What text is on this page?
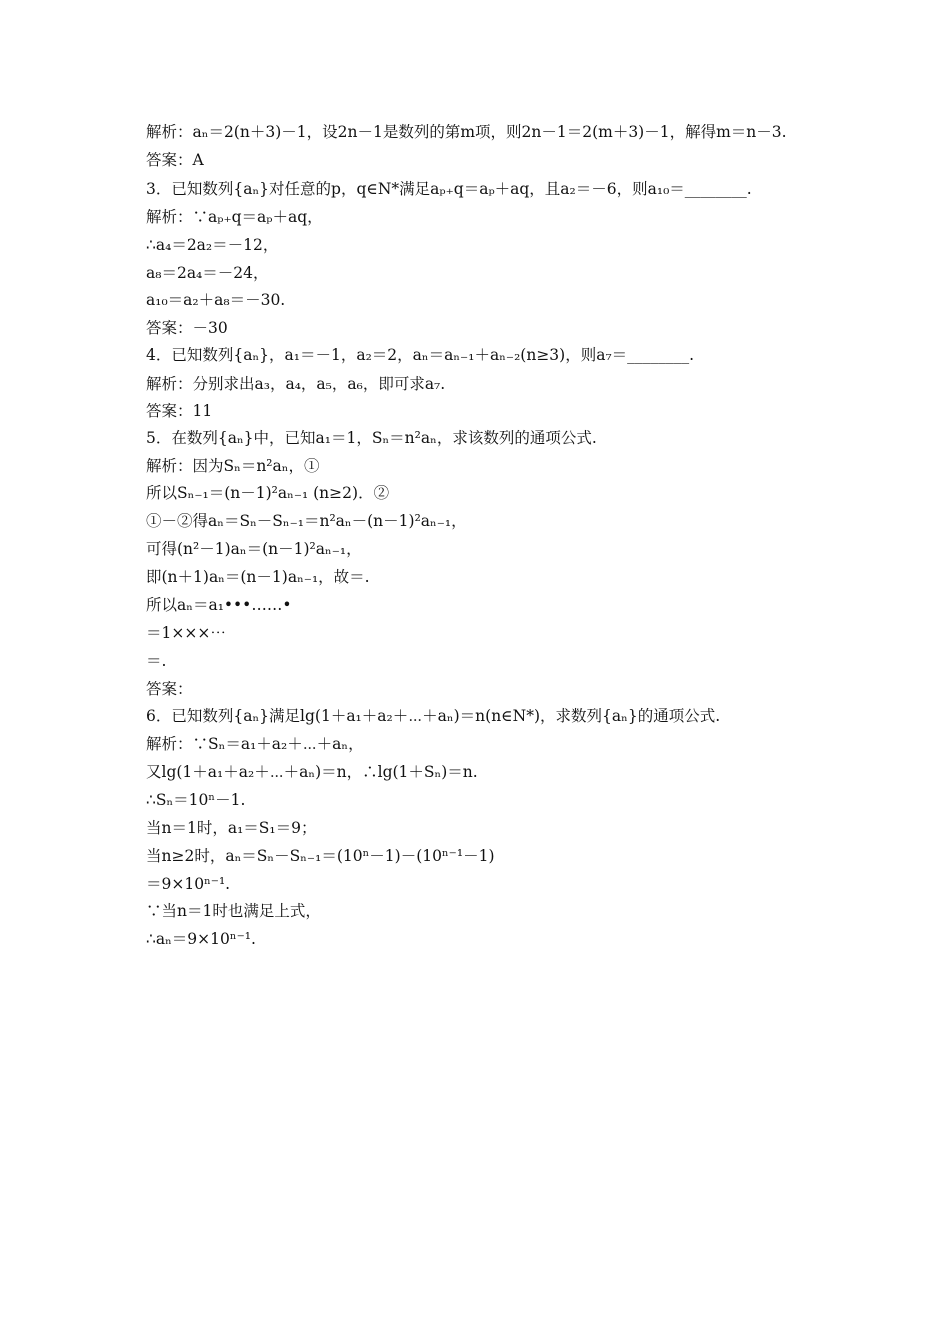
解析：aₙ＝2(n＋3)－1，设2n－1是数列的第m项，则2n－1＝2(m＋3)－1，解得m＝n－3.
答案：A
3．已知数列{aₙ}对任意的p，q∈N*满足aₚ₊q＝aₚ＋aq，且a₂＝－6，则a₁₀＝________.
解析：∵aₚ₊q＝aₚ＋aq，
∴a₄＝2a₂＝－12，
a₈＝2a₄＝－24，
a₁₀＝a₂＋a₈＝－30.
答案：－30
4．已知数列{aₙ}，a₁＝－1，a₂＝2，aₙ＝aₙ₋₁＋aₙ₋₂(n≥3)，则a₇＝________.
解析：分别求出a₃，a₄，a₅，a₆，即可求a₇.
答案：11
5．在数列{aₙ}中，已知a₁＝1，Sₙ＝n²aₙ，求该数列的通项公式.
解析：因为Sₙ＝n²aₙ，①
所以Sₙ₋₁＝(n－1)²aₙ₋₁ (n≥2)．②
①－②得aₙ＝Sₙ－Sₙ₋₁＝n²aₙ－(n－1)²aₙ₋₁，
可得(n²－1)aₙ＝(n－1)²aₙ₋₁，
即(n＋1)aₙ＝(n－1)aₙ₋₁，故＝.
所以aₙ＝a₁•••……•
＝1×××⋯
＝.
答案：
6．已知数列{aₙ}满足lg(1＋a₁＋a₂＋⋯＋aₙ)＝n(n∈N*)，求数列{aₙ}的通项公式.
解析：∵Sₙ＝a₁＋a₂＋⋯＋aₙ，
又lg(1＋a₁＋a₂＋⋯＋aₙ)＝n，∴lg(1＋Sₙ)＝n.
∴Sₙ＝10ⁿ－1.
当n＝1时，a₁＝S₁＝9；
当n≥2时，aₙ＝Sₙ－Sₙ₋₁＝(10ⁿ－1)－(10ⁿ⁻¹－1)
＝9×10ⁿ⁻¹.
∵当n＝1时也满足上式，
∴aₙ＝9×10ⁿ⁻¹.
